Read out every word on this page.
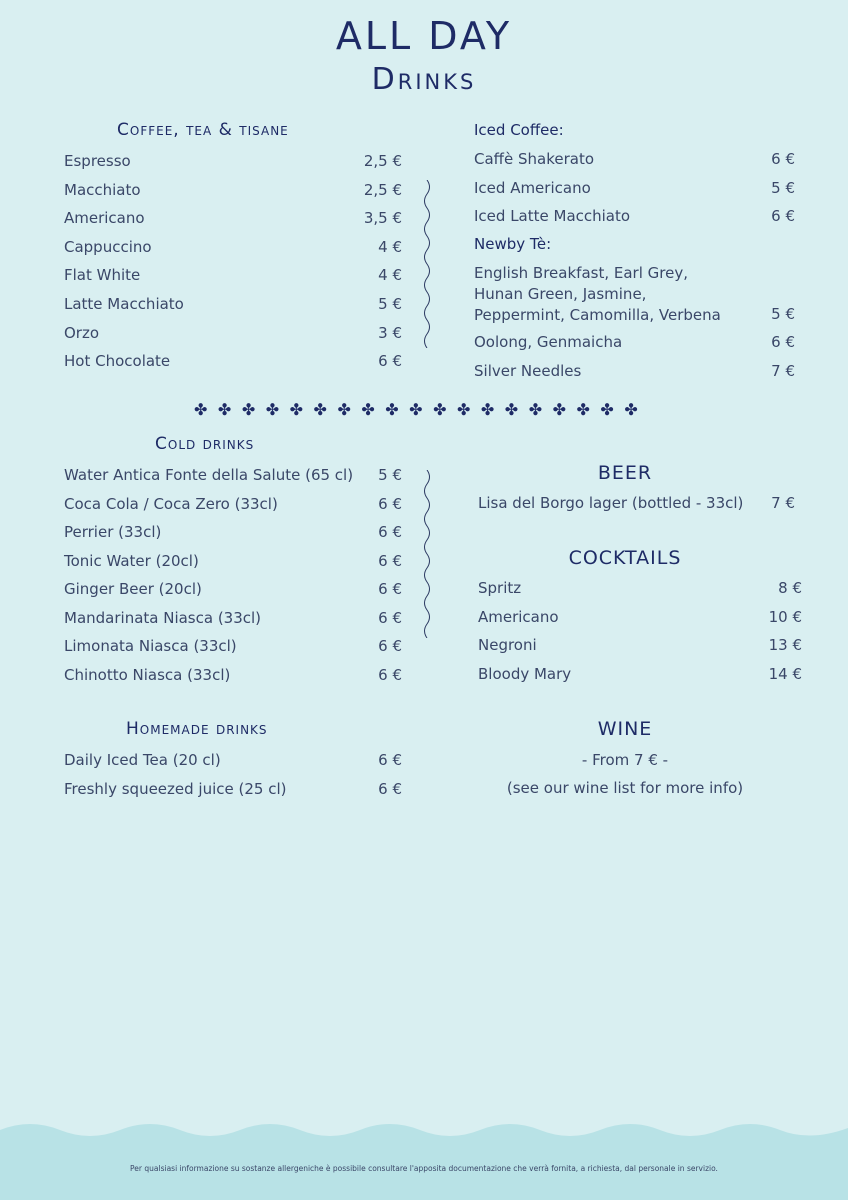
ALL DAY
Drinks
Coffee, tea & tisane
Espresso	2,5 €
Macchiato	2,5 €
Americano	3,5 €
Cappuccino	4 €
Flat White	4 €
Latte Macchiato	5 €
Orzo	3 €
Hot Chocolate	6 €
Iced Coffee:
Caffè Shakerato	6 €
Iced Americano	5 €
Iced Latte Macchiato	6 €
Newby Tè:
English Breakfast, Earl Grey,
Hunan Green, Jasmine,
Peppermint, Camomilla, Verbena	5 €
Oolong, Genmaicha	6 €
Silver Needles	7 €
✤✤✤✤✤✤✤✤✤✤✤✤✤✤✤✤✤✤✤
Cold drinks
Water Antica Fonte della Salute (65 cl)	5 €
Coca Cola / Coca Zero (33cl)	6 €
Perrier (33cl)	6 €
Tonic Water (20cl)	6 €
Ginger Beer (20cl)	6 €
Mandarinata Niasca (33cl)	6 €
Limonata Niasca (33cl)	6 €
Chinotto Niasca (33cl)	6 €
BEER
Lisa del Borgo lager (bottled - 33cl)	7 €
COCKTAILS
Spritz	8 €
Americano	10 €
Negroni	13 €
Bloody Mary	14 €
Homemade drinks
Daily Iced Tea (20 cl)	6 €
Freshly squeezed juice (25 cl)	6 €
WINE
- From 7 € -
(see our wine list for more info)
Per qualsiasi informazione su sostanze allergeniche è possibile consultare l'apposita documentazione che verrà fornita, a richiesta, dal personale in servizio.
